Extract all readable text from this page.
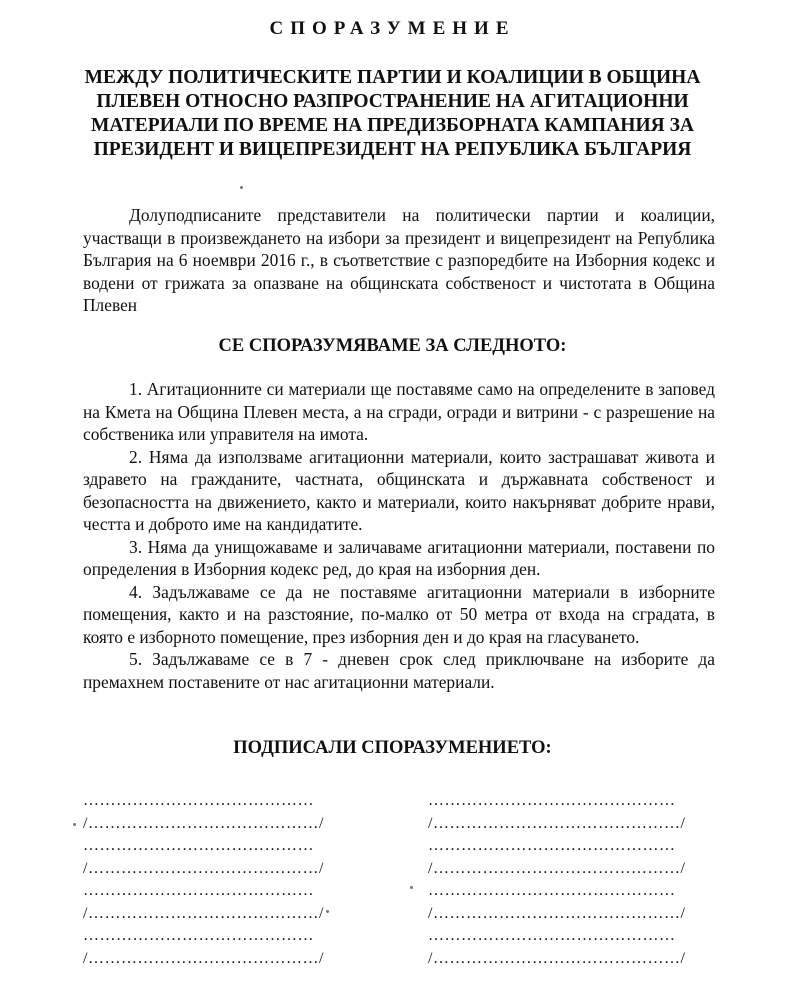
СПОРАЗУМЕНИЕ
МЕЖДУ ПОЛИТИЧЕСКИТЕ ПАРТИИ И КОАЛИЦИИ В ОБЩИНА
ПЛЕВЕН ОТНОСНО РАЗПРОСТРАНЕНИЕ НА АГИТАЦИОННИ
МАТЕРИАЛИ ПО ВРЕМЕ НА ПРЕДИЗБОРНАТА КАМПАНИЯ ЗА
ПРЕЗИДЕНТ И ВИЦЕПРЕЗИДЕНТ НА РЕПУБЛИКА БЪЛГАРИЯ

Долуподписаните представители на политически партии и коалиции, участващи в произвеждането на избори за президент и вицепрезидент на Република България на 6 ноември 2016 г., в съответствие с разпоредбите на Изборния кодекс и водени от грижата за опазване на общинската собственост и чистотата в Община Плевен

СЕ СПОРАЗУМЯВАМЕ ЗА СЛЕДНОТО:

1. Агитационните си материали ще поставяме само на определените в заповед на Кмета на Община Плевен места, а на сгради, огради и витрини - с разрешение на собственика или управителя на имота.

2. Няма да използваме агитационни материали, които застрашават живота и здравето на гражданите, частната, общинската и държавната собственост и безопасността на движението, както и материали, които накърняват добрите нрави, честта и доброто име на кандидатите.

3. Няма да унищожаваме и заличаваме агитационни материали, поставени по определения в Изборния кодекс ред, до края на изборния ден.

4. Задължаваме се да не поставяме агитационни материали в изборните помещения, както и на разстояние, по-малко от 50 метра от входа на сградата, в която е изборното помещение, през изборния ден и до края на гласуването.

5. Задължаваме се в 7 - дневен срок след приключване на изборите да премахнем поставените от нас агитационни материали.

ПОДПИСАЛИ СПОРАЗУМЕНИЕТО:
……………………………………
/……………………………………/
……………………………………
/……………………………………/
……………………………………
/……………………………………/
……………………………………
/……………………………………/
………………………………………
/………………………………………/
………………………………………
/………………………………………/
………………………………………
/………………………………………/
………………………………………
/………………………………………/
